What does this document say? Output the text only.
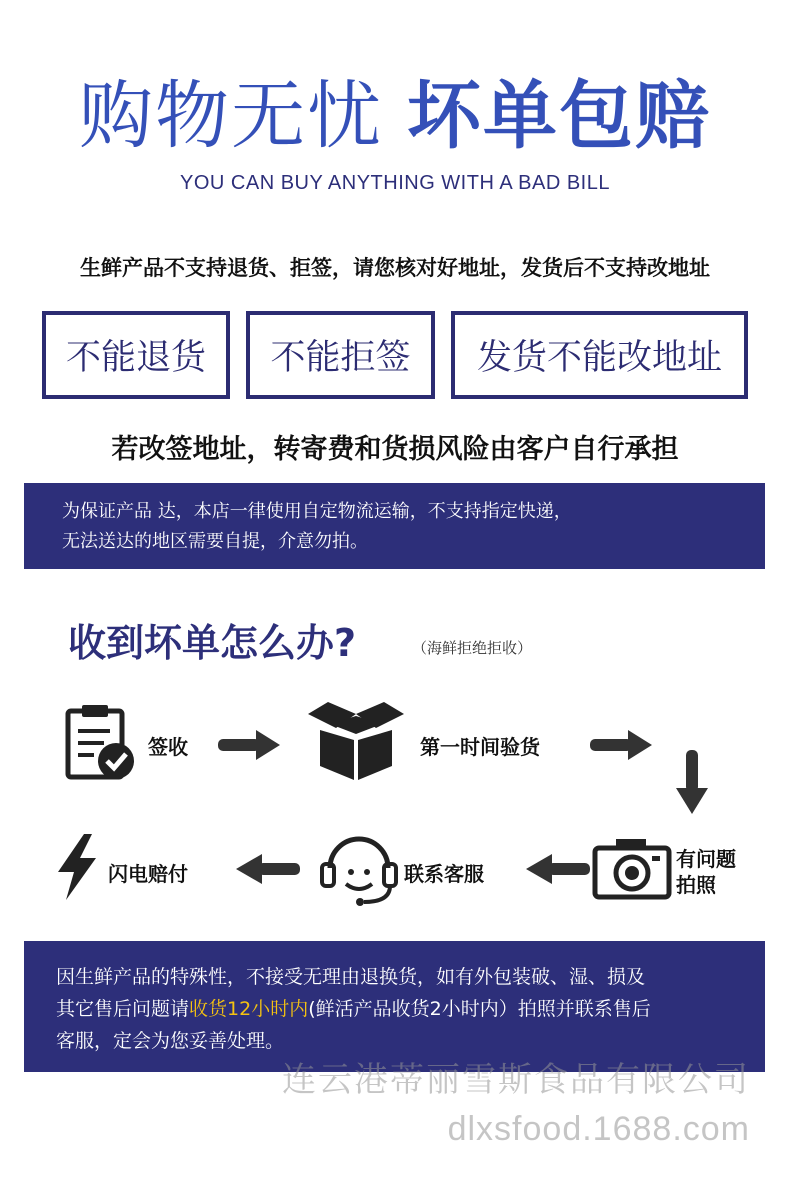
购物无忧 坏单包赔
YOU CAN BUY ANYTHING WITH A BAD BILL
生鲜产品不支持退货、拒签，请您核对好地址，发货后不支持改地址
不能退货	不能拒签	发货不能改地址
若改签地址，转寄费和货损风险由客户自行承担
为保证产品 达，本店一律使用自定物流运输，不支持指定快递，
无法送达的地区需要自提，介意勿拍。
收到坏单怎么办?	（海鲜拒绝拒收）
签收	第一时间验货
闪电赔付	联系客服
有问题
拍照
因生鲜产品的特殊性，不接受无理由退换货，如有外包装破、湿、损及
其它售后问题请收货12小时内(鲜活产品收货2小时内）拍照并联系售后
客服，定会为您妥善处理。
连云港蒂丽雪斯食品有限公司
dlxsfood.1688.com
